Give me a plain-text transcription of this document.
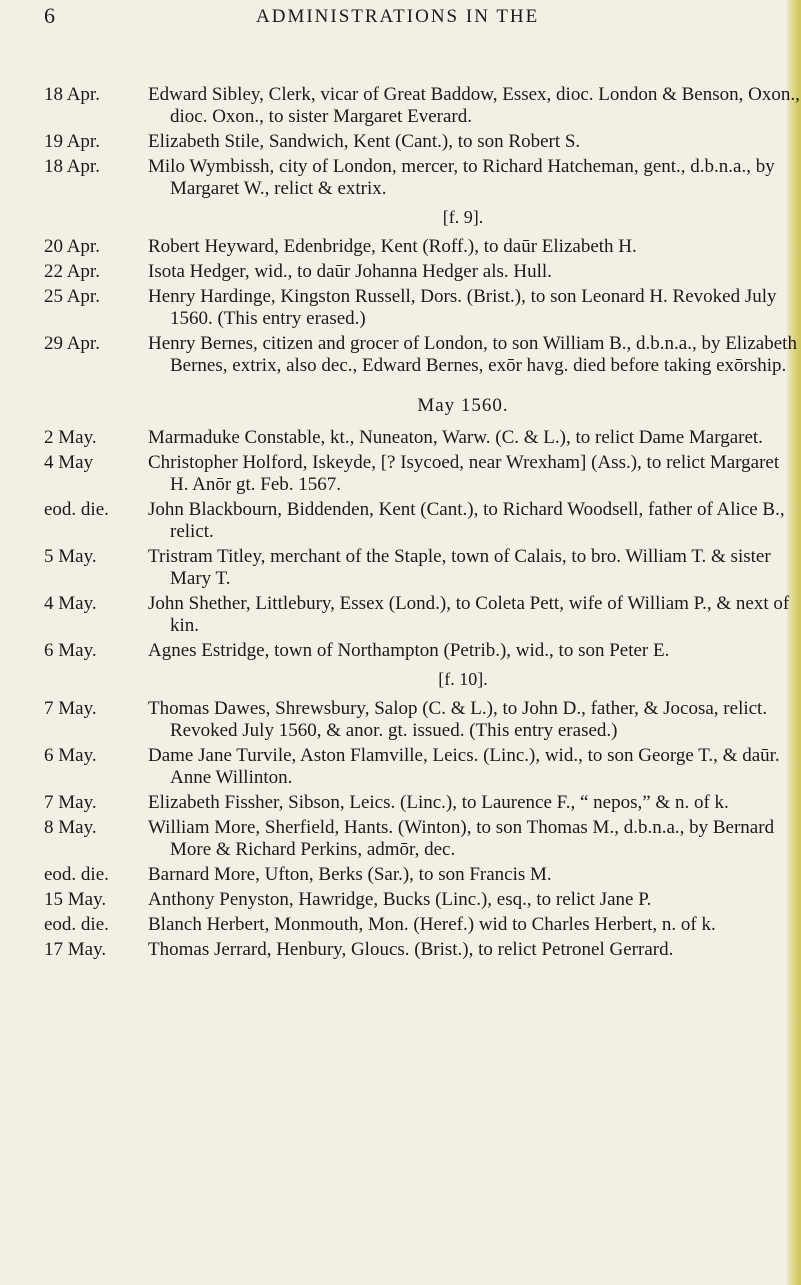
6	ADMINISTRATIONS IN THE
18 Apr.	Edward Sibley, Clerk, vicar of Great Baddow, Essex, dioc. London & Benson, Oxon., dioc. Oxon., to sister Margaret Everard.
19 Apr.	Elizabeth Stile, Sandwich, Kent (Cant.), to son Robert S.
18 Apr.	Milo Wymbissh, city of London, mercer, to Richard Hatcheman, gent., d.b.n.a., by Margaret W., relict & extrix.
[f. 9].
20 Apr.	Robert Heyward, Edenbridge, Kent (Roff.), to daūr Elizabeth H.
22 Apr.	Isota Hedger, wid., to daūr Johanna Hedger als. Hull.
25 Apr.	Henry Hardinge, Kingston Russell, Dors. (Brist.), to son Leonard H. Revoked July 1560. (This entry erased.)
29 Apr.	Henry Bernes, citizen and grocer of London, to son William B., d.b.n.a., by Elizabeth Bernes, extrix, also dec., Edward Bernes, exōr havg. died before taking exōrship.
May 1560.
2 May.	Marmaduke Constable, kt., Nuneaton, Warw. (C. & L.), to relict Dame Margaret.
4 May	Christopher Holford, Iskeyde, [? Isycoed, near Wrexham] (Ass.), to relict Margaret H. Anōr gt. Feb. 1567.
eod. die.	John Blackbourn, Biddenden, Kent (Cant.), to Richard Woodsell, father of Alice B., relict.
5 May.	Tristram Titley, merchant of the Staple, town of Calais, to bro. William T. & sister Mary T.
4 May.	John Shether, Littlebury, Essex (Lond.), to Coleta Pett, wife of William P., & next of kin.
6 May.	Agnes Estridge, town of Northampton (Petrib.), wid., to son Peter E.
[f. 10].
7 May.	Thomas Dawes, Shrewsbury, Salop (C. & L.), to John D., father, & Jocosa, relict. Revoked July 1560, & anor. gt. issued. (This entry erased.)
6 May.	Dame Jane Turvile, Aston Flamville, Leics. (Linc.), wid., to son George T., & daūr. Anne Willinton.
7 May.	Elizabeth Fissher, Sibson, Leics. (Linc.), to Laurence F., “ nepos,” & n. of k.
8 May.	William More, Sherfield, Hants. (Winton), to son Thomas M., d.b.n.a., by Bernard More & Richard Perkins, admōr, dec.
eod. die.	Barnard More, Ufton, Berks (Sar.), to son Francis M.
15 May.	Anthony Penyston, Hawridge, Bucks (Linc.), esq., to relict Jane P.
eod. die.	Blanch Herbert, Monmouth, Mon. (Heref.) wid to Charles Herbert, n. of k.
17 May.	Thomas Jerrard, Henbury, Gloucs. (Brist.), to relict Petronel Gerrard.
